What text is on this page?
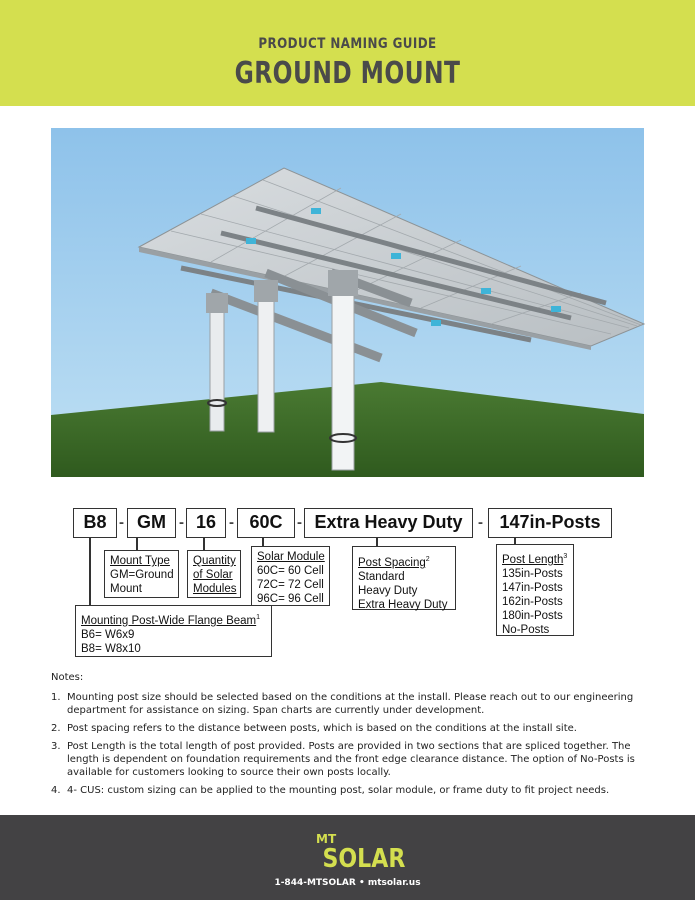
PRODUCT NAMING GUIDE
GROUND MOUNT
B8 - GM - 16 - 60C - Extra Heavy Duty	- 147in-Posts
Mount Type
GM=Ground
Mount
Quantity
of Solar
Modules
Solar Module
60C= 60 Cell
72C= 72 Cell
96C= 96 Cell
Post Spacing$^2$
Standard
Heavy Duty
Extra Heavy Duty
Post Length$^3$
135in-Posts
147in-Posts
162in-Posts
180in-Posts
No-Posts
Mounting Post-Wide Flange Beam$^1$
B6= W6x9
B8= W8x10
Notes:
1. Mounting post size should be selected based on the conditions at the install. Please reach out to our engineering department for assistance on sizing. Span charts are currently under development.
2. Post spacing refers to the distance between posts, which is based on the conditions at the install site.
3. Post Length is the total length of post provided. Posts are provided in two sections that are spliced together. The length is dependent on foundation requirements and the front edge clearance distance. The option of No-Posts is available for customers looking to source their own posts locally.
4. 4- CUS: custom sizing can be applied to the mounting post, solar module, or frame duty to fit project needs.
MT
SOLAR
1-844-MTSOLAR • mtsolar.us
